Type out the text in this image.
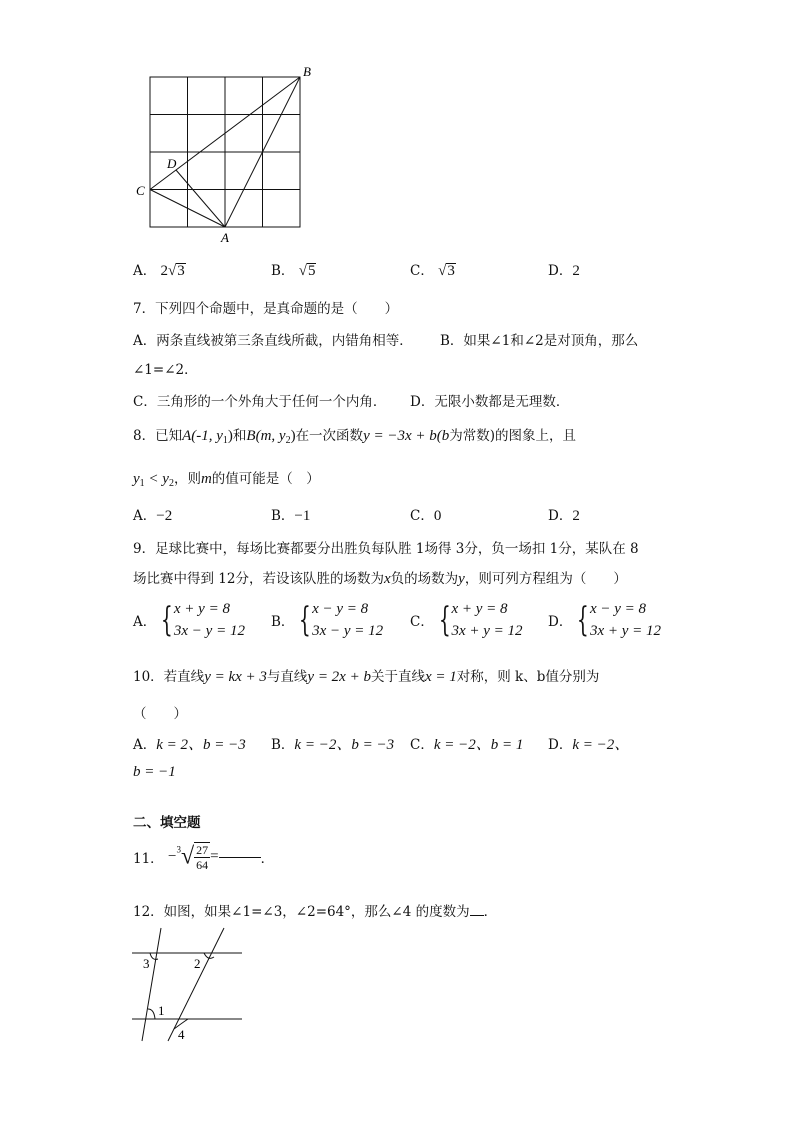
B
C
D
A
A． 2√3	B． √5	C． √3	D．2
7．下列四个命题中，是真命题的是（　　）
A．两条直线被第三条直线所截，内错角相等． B．如果∠1和∠2是对顶角，那么
∠1=∠2．
C．三角形的一个外角大于任何一个内角． D．无限小数都是无理数．
8．已知A(-1, $y_1$)和B(m, $y_2$)在一次函数y = −3x + b(b为常数)的图象上，且
$y_1 < y_2$，则m的值可能是（　）
A．−2	B．−1	C．0	D．2
9．足球比赛中，每场比赛都要分出胜负每队胜 1场得 3分，负一场扣 1分，某队在 8
场比赛中得到 12分，若设该队胜的场数为x负的场数为y，则可列方程组为（　　）
A． { x + y = 8
3x − y = 12
B． { x − y = 8
3x − y = 12
C． { x + y = 8
3x + y = 12
D． { x − y = 8
3x + y = 12
10．若直线y = kx + 3与直线y = 2x + b关于直线x = 1对称，则 k、b值分别为
（　　）
A．k = 2、b = −3 B．k = −2、b = −3 C．k = −2、b = 1 D．k = −2、
b = −1
二、填空题
11． $-^3√ \frac{27}{64}$ =	．
12．如图，如果∠1=∠3，∠2=64°，那么∠4 的度数为 ．
3	2
1
4
